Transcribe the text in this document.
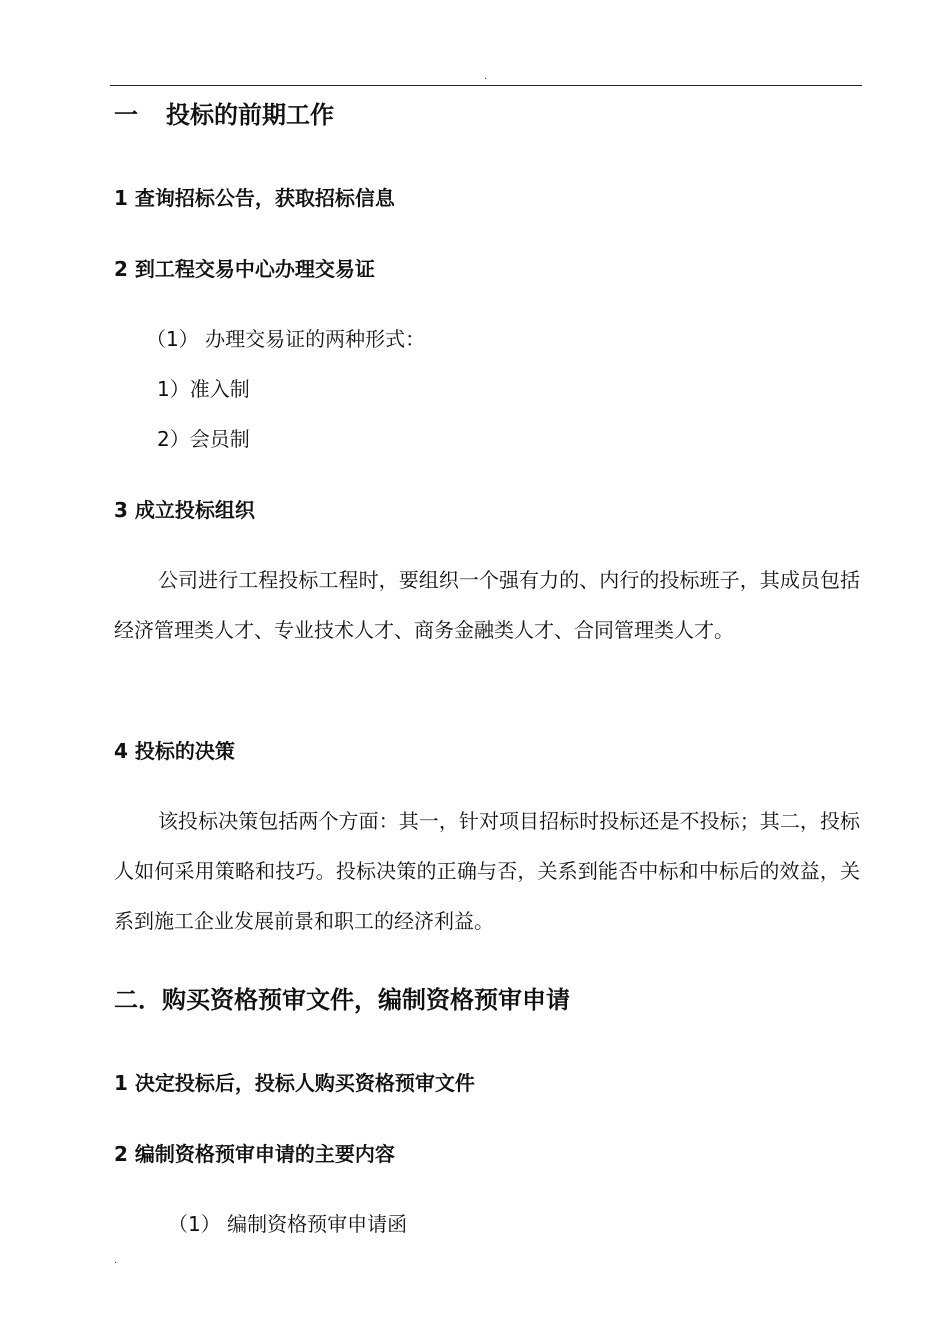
.
一 投标的前期工作
1 查询招标公告，获取招标信息
2 到工程交易中心办理交易证
（1） 办理交易证的两种形式：
1）准入制
2）会员制
3 成立投标组织

公司进行工程投标工程时，要组织一个强有力的、内行的投标班子，其成员包括经济管理类人才、专业技术人才、商务金融类人才、合同管理类人才。

4 投标的决策

该投标决策包括两个方面：其一，针对项目招标时投标还是不投标；其二，投标人如何采用策略和技巧。投标决策的正确与否，关系到能否中标和中标后的效益，关系到施工企业发展前景和职工的经济利益。

二．购买资格预审文件，编制资格预审申请
1 决定投标后，投标人购买资格预审文件
2 编制资格预审申请的主要内容
（1） 编制资格预审申请函
.
